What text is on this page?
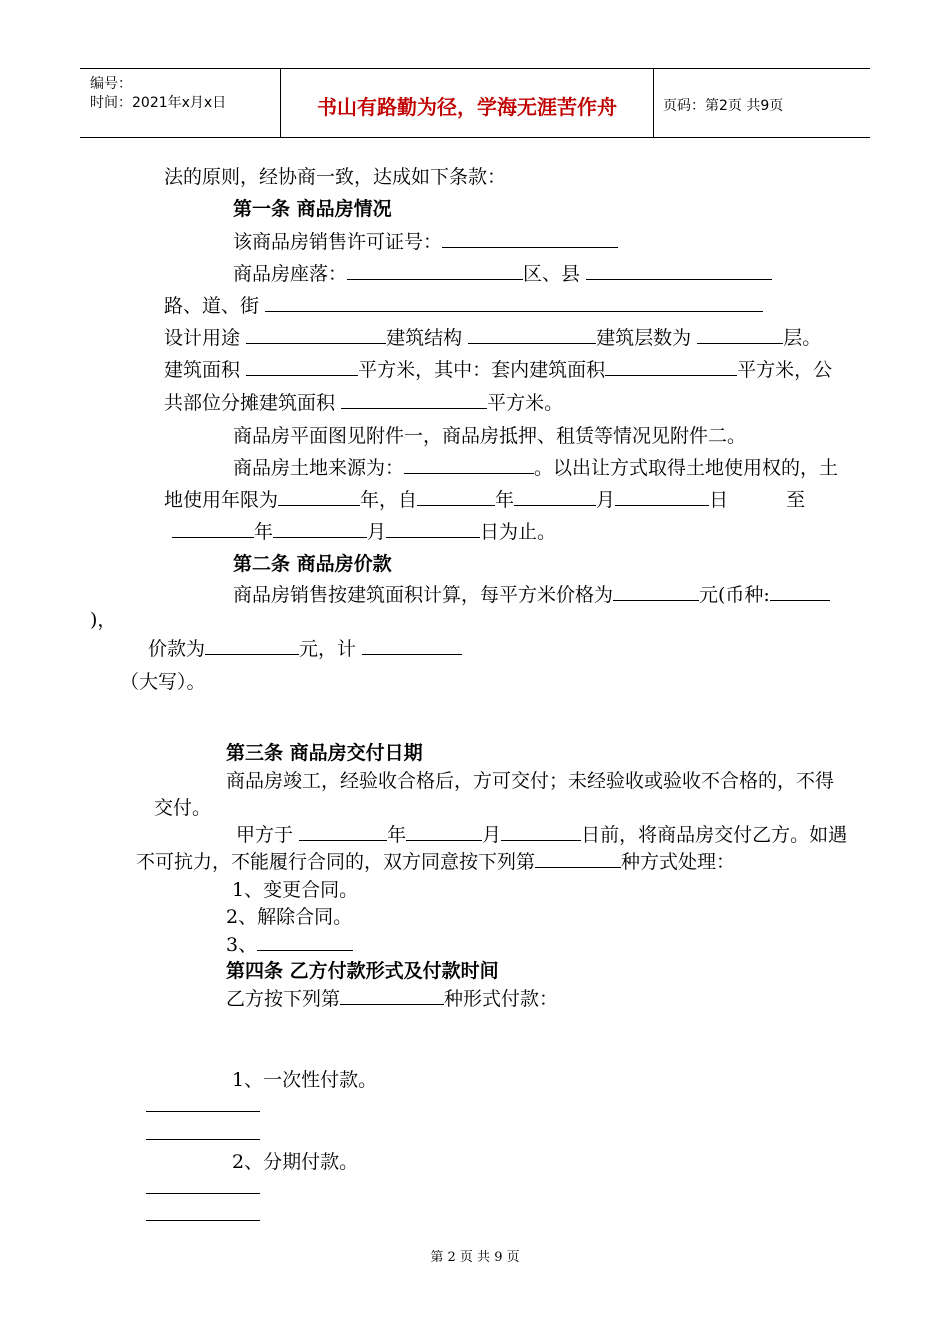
编号：
时间：2021年x月x日	书山有路勤为径，学海无涯苦作舟	页码：第2页 共9页
法的原则，经协商一致，达成如下条款：
第一条 商品房情况
该商品房销售许可证号：
商品房座落：	区、县
路、道、街
设计用途	建筑结构	建筑层数为	层。
建筑面积	平方米，其中：套内建筑面积	平方米，公
共部位分摊建筑面积	平方米。
商品房平面图见附件一，商品房抵押、租赁等情况见附件二。
商品房土地来源为：	。以出让方式取得土地使用权的，土
地使用年限为	年，自	年	月	日	至
年	月	日为止。
第二条 商品房价款
商品房销售按建筑面积计算，每平方米价格为	元(币种:
)，
价款为	元，计
（大写）。
第三条 商品房交付日期
商品房竣工，经验收合格后，方可交付；未经验收或验收不合格的，不得
交付。
甲方于	年	月	日前，将商品房交付乙方。如遇
不可抗力，不能履行合同的，双方同意按下列第	种方式处理：
1、变更合同。
2、解除合同。
3、
第四条 乙方付款形式及付款时间
乙方按下列第	种形式付款：
1、一次性付款。
2、分期付款。
第 2 页 共 9 页
